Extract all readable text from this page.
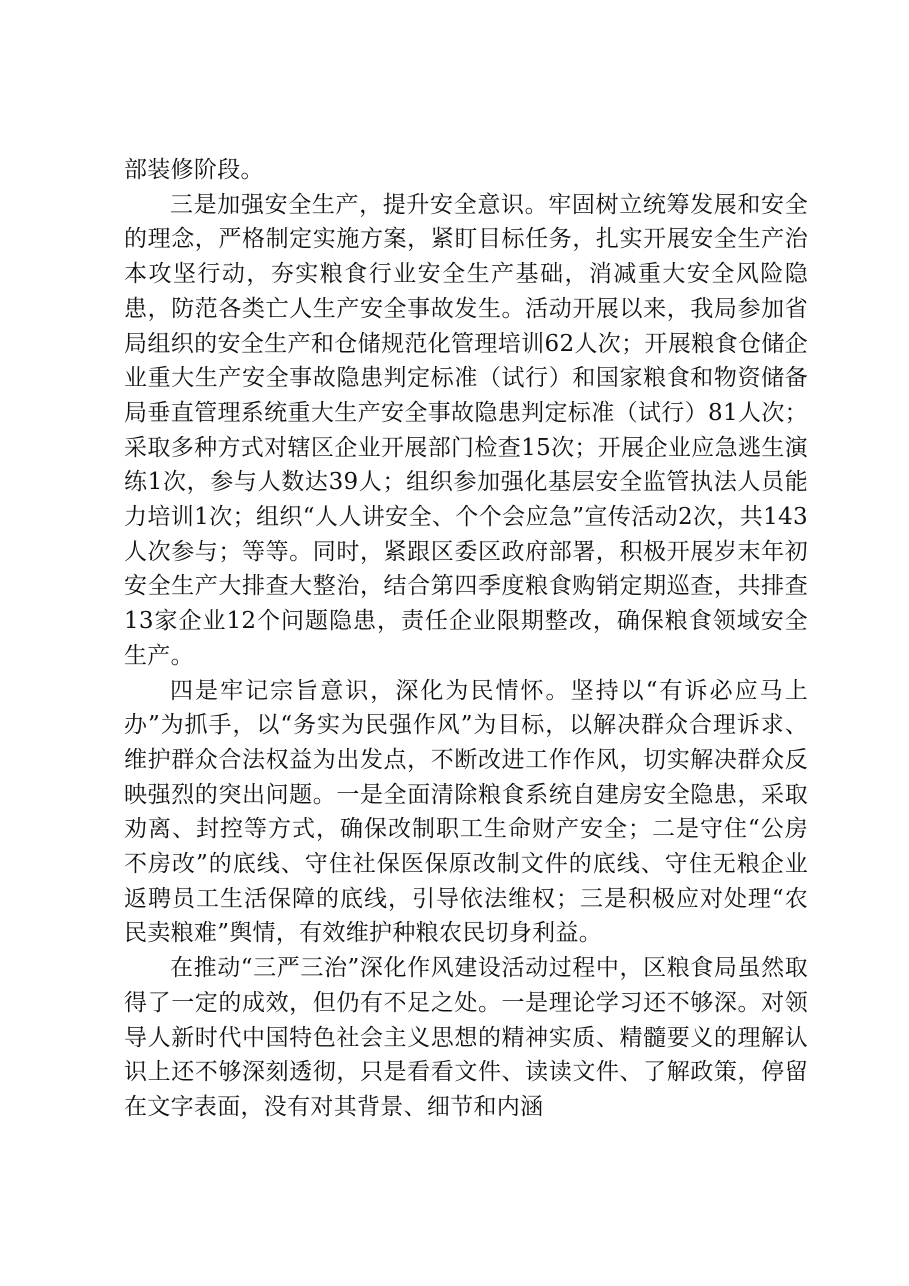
部装修阶段。

三是加强安全生产，提升安全意识。牢固树立统筹发展和安全的理念，严格制定实施方案，紧盯目标任务，扎实开展安全生产治本攻坚行动，夯实粮食行业安全生产基础，消减重大安全风险隐患，防范各类亡人生产安全事故发生。活动开展以来，我局参加省局组织的安全生产和仓储规范化管理培训62人次；开展粮食仓储企业重大生产安全事故隐患判定标准（试行）和国家粮食和物资储备局垂直管理系统重大生产安全事故隐患判定标准（试行）81人次；采取多种方式对辖区企业开展部门检查15次；开展企业应急逃生演练1次，参与人数达39人；组织参加强化基层安全监管执法人员能力培训1次；组织“人人讲安全、个个会应急”宣传活动2次，共143人次参与；等等。同时，紧跟区委区政府部署，积极开展岁末年初安全生产大排查大整治，结合第四季度粮食购销定期巡查，共排查13家企业12个问题隐患，责任企业限期整改，确保粮食领域安全生产。

四是牢记宗旨意识，深化为民情怀。坚持以“有诉必应马上办”为抓手，以“务实为民强作风”为目标，以解决群众合理诉求、维护群众合法权益为出发点，不断改进工作作风，切实解决群众反映强烈的突出问题。一是全面清除粮食系统自建房安全隐患，采取劝离、封控等方式，确保改制职工生命财产安全；二是守住“公房不房改”的底线、守住社保医保原改制文件的底线、守住无粮企业返聘员工生活保障的底线，引导依法维权；三是积极应对处理“农民卖粮难”舆情，有效维护种粮农民切身利益。

在推动“三严三治”深化作风建设活动过程中，区粮食局虽然取得了一定的成效，但仍有不足之处。一是理论学习还不够深。对领导人新时代中国特色社会主义思想的精神实质、精髓要义的理解认识上还不够深刻透彻，只是看看文件、读读文件、了解政策，停留在文字表面，没有对其背景、细节和内涵
